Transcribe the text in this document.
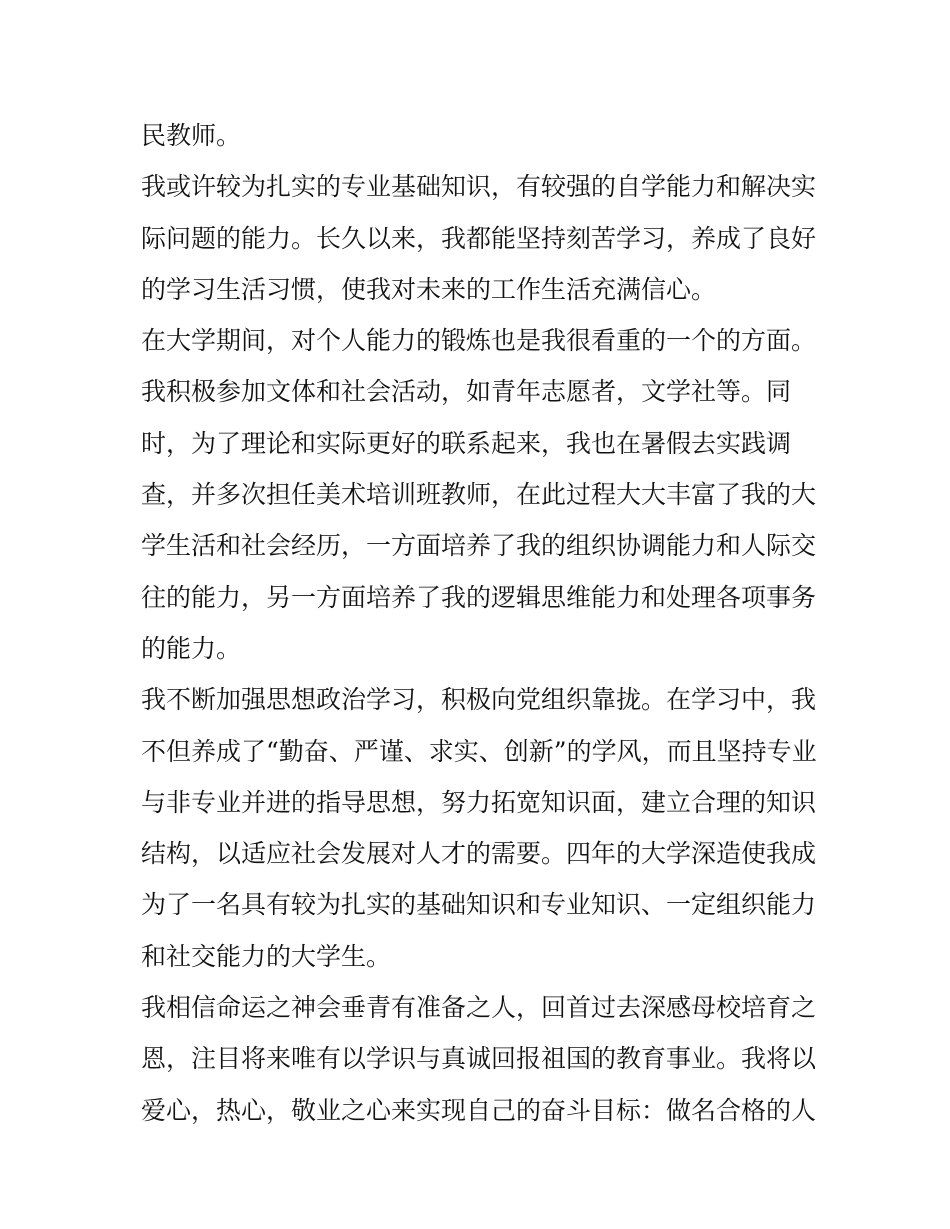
民教师。
我或许较为扎实的专业基础知识，有较强的自学能力和解决实
际问题的能力。长久以来，我都能坚持刻苦学习，养成了良好
的学习生活习惯，使我对未来的工作生活充满信心。
在大学期间，对个人能力的锻炼也是我很看重的一个的方面。
我积极参加文体和社会活动，如青年志愿者，文学社等。同
时，为了理论和实际更好的联系起来，我也在暑假去实践调
查，并多次担任美术培训班教师，在此过程大大丰富了我的大
学生活和社会经历，一方面培养了我的组织协调能力和人际交
往的能力，另一方面培养了我的逻辑思维能力和处理各项事务
的能力。
我不断加强思想政治学习，积极向党组织靠拢。在学习中，我
不但养成了“勤奋、严谨、求实、创新”的学风，而且坚持专业
与非专业并进的指导思想，努力拓宽知识面，建立合理的知识
结构，以适应社会发展对人才的需要。四年的大学深造使我成
为了一名具有较为扎实的基础知识和专业知识、一定组织能力
和社交能力的大学生。
我相信命运之神会垂青有准备之人，回首过去深感母校培育之
恩，注目将来唯有以学识与真诚回报祖国的教育事业。我将以
爱心，热心，敬业之心来实现自己的奋斗目标：做名合格的人
